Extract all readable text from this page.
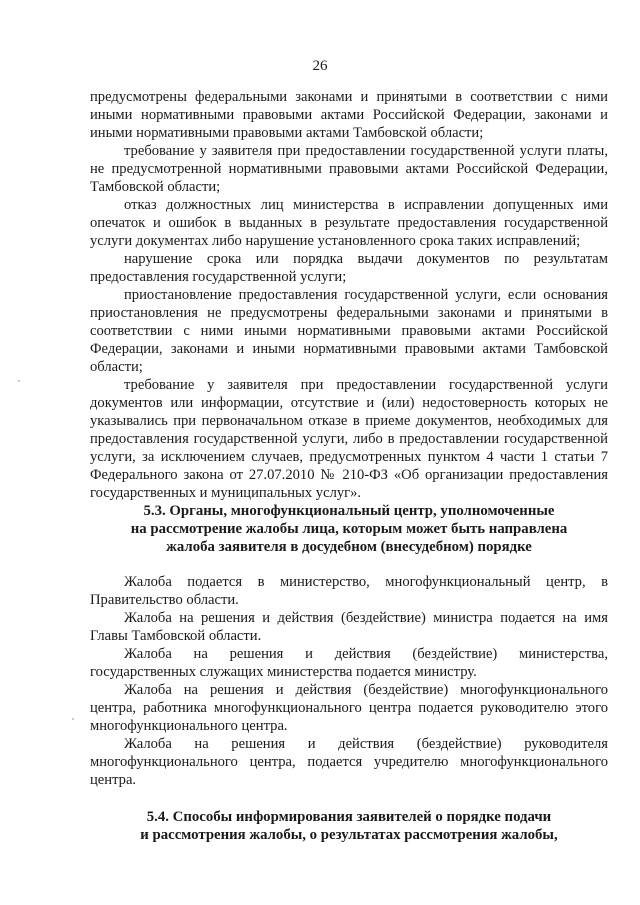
26

предусмотрены федеральными законами и принятыми в соответствии с ними иными нормативными правовыми актами Российской Федерации, законами и иными нормативными правовыми актами Тамбовской области;

требование у заявителя при предоставлении государственной услуги платы, не предусмотренной нормативными правовыми актами Российской Федерации, Тамбовской области;

отказ должностных лиц министерства в исправлении допущенных ими опечаток и ошибок в выданных в результате предоставления государственной услуги документах либо нарушение установленного срока таких исправлений;

нарушение срока или порядка выдачи документов по результатам предоставления государственной услуги;

приостановление предоставления государственной услуги, если основания приостановления не предусмотрены федеральными законами и принятыми в соответствии с ними иными нормативными правовыми актами Российской Федерации, законами и иными нормативными правовыми актами Тамбовской области;

требование у заявителя при предоставлении государственной услуги документов или информации, отсутствие и (или) недостоверность которых не указывались при первоначальном отказе в приеме документов, необходимых для предоставления государственной услуги, либо в предоставлении государственной услуги, за исключением случаев, предусмотренных пунктом 4 части 1 статьи 7 Федерального закона от 27.07.2010 № 210-ФЗ «Об организации предоставления государственных и муниципальных услуг».

5.3. Органы, многофункциональный центр, уполномоченные
на рассмотрение жалобы лица, которым может быть направлена
жалоба заявителя в досудебном (внесудебном) порядке

Жалоба подается в министерство, многофункциональный центр, в Правительство области.

Жалоба на решения и действия (бездействие) министра подается на имя Главы Тамбовской области.

Жалоба на решения и действия (бездействие) министерства, государственных служащих министерства подается министру.

Жалоба на решения и действия (бездействие) многофункционального центра, работника многофункционального центра подается руководителю этого многофункционального центра.

Жалоба на решения и действия (бездействие) руководителя многофункционального центра, подается учредителю многофункционального центра.

5.4. Способы информирования заявителей о порядке подачи
и рассмотрения жалобы, о результатах рассмотрения жалобы,
